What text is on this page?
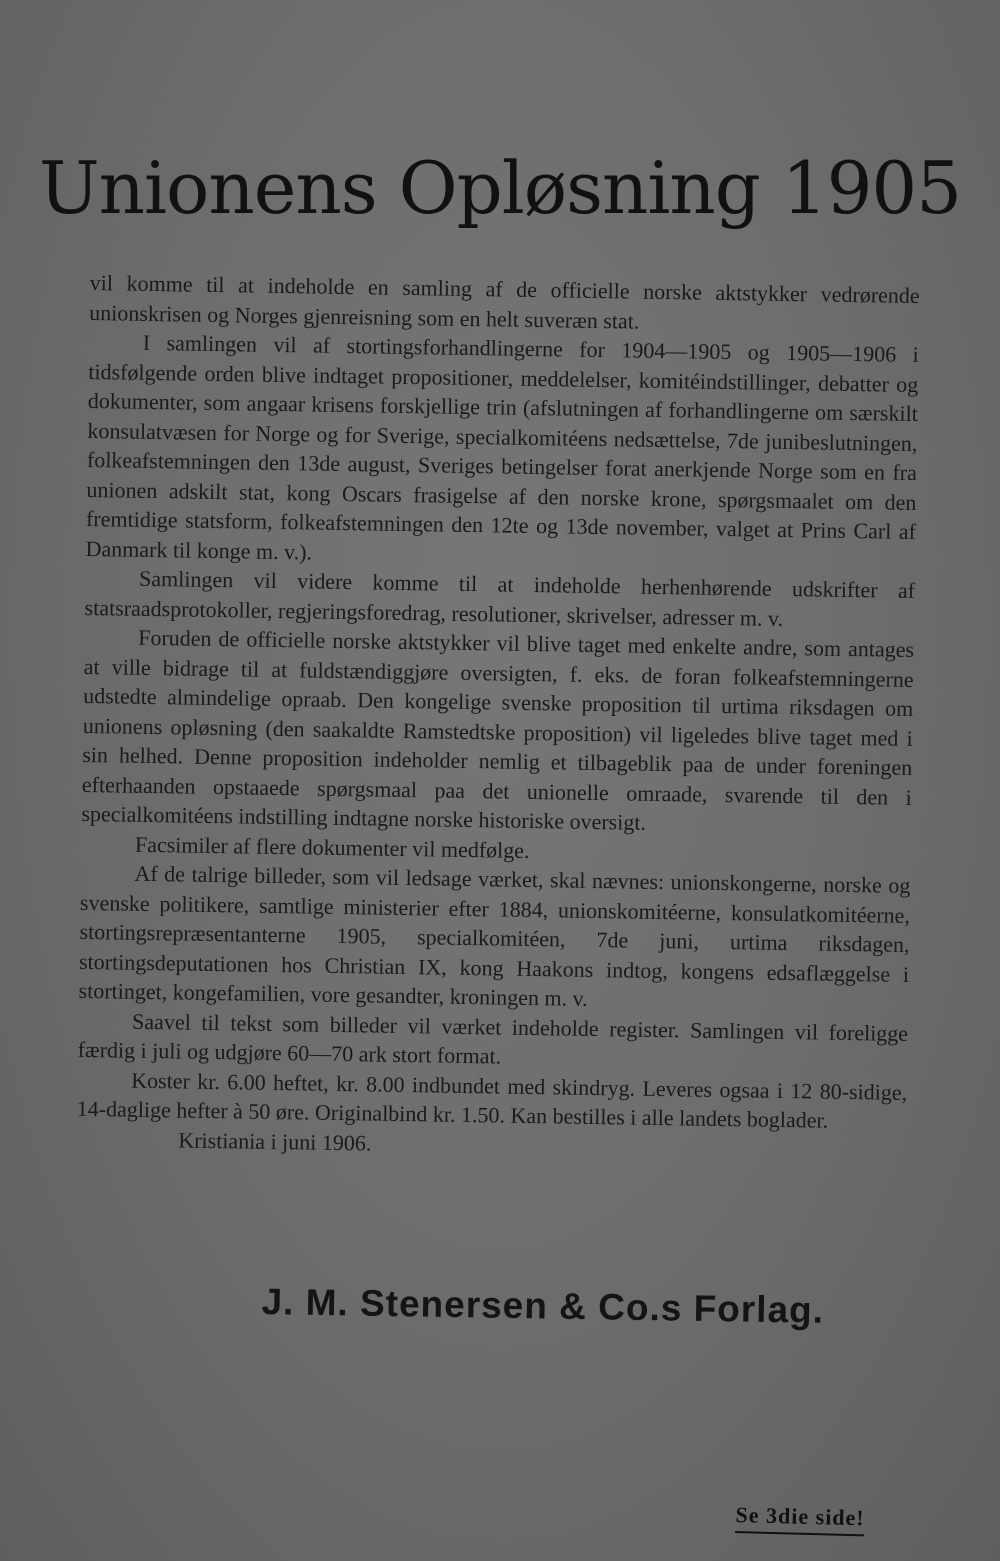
Unionens Opløsning 1905

vil komme til at indeholde en samling af de officielle norske aktstykker vedrørende unionskrisen og Norges gjenreisning som en helt suveræn stat.

I samlingen vil af stortingsforhandlingerne for 1904—1905 og 1905—1906 i tidsfølgende orden blive indtaget propositioner, meddelelser, komitéindstillinger, debatter og dokumenter, som angaar krisens forskjellige trin (afslutningen af forhandlingerne om særskilt konsulatvæsen for Norge og for Sverige, specialkomitéens nedsættelse, 7de junibeslutningen, folkeafstemningen den 13de august, Sveriges betingelser forat anerkjende Norge som en fra unionen adskilt stat, kong Oscars frasigelse af den norske krone, spørgsmaalet om den fremtidige statsform, folkeafstemningen den 12te og 13de november, valget at Prins Carl af Danmark til konge m. v.).

Samlingen vil videre komme til at indeholde herhenhørende udskrifter af statsraadsprotokoller, regjeringsforedrag, resolutioner, skrivelser, adresser m. v.

Foruden de officielle norske aktstykker vil blive taget med enkelte andre, som antages at ville bidrage til at fuldstændiggjøre oversigten, f. eks. de foran folkeafstemningerne udstedte almindelige opraab. Den kongelige svenske proposition til urtima riksdagen om unionens opløsning (den saakaldte Ramstedtske proposition) vil ligeledes blive taget med i sin helhed. Denne proposition indeholder nemlig et tilbageblik paa de under foreningen efterhaanden opstaaede spørgsmaal paa det unionelle omraade, svarende til den i specialkomitéens indstilling indtagne norske historiske oversigt.

Facsimiler af flere dokumenter vil medfølge.

Af de talrige billeder, som vil ledsage værket, skal nævnes: unionskongerne, norske og svenske politikere, samtlige ministerier efter 1884, unionskomitéerne, konsulatkomitéerne, stortingsrepræsentanterne 1905, specialkomitéen, 7de juni, urtima riksdagen, stortingsdeputationen hos Christian IX, kong Haakons indtog, kongens edsaflæggelse i stortinget, kongefamilien, vore gesandter, kroningen m. v.

Saavel til tekst som billeder vil værket indeholde register. Samlingen vil foreligge færdig i juli og udgjøre 60—70 ark stort format.

Koster kr. 6.00 heftet, kr. 8.00 indbundet med skindryg. Leveres ogsaa i 12 80-sidige, 14-daglige hefter à 50 øre. Originalbind kr. 1.50. Kan bestilles i alle landets boglader.

Kristiania i juni 1906.

J. M. Stenersen & Co.s Forlag.
Se 3die side!
